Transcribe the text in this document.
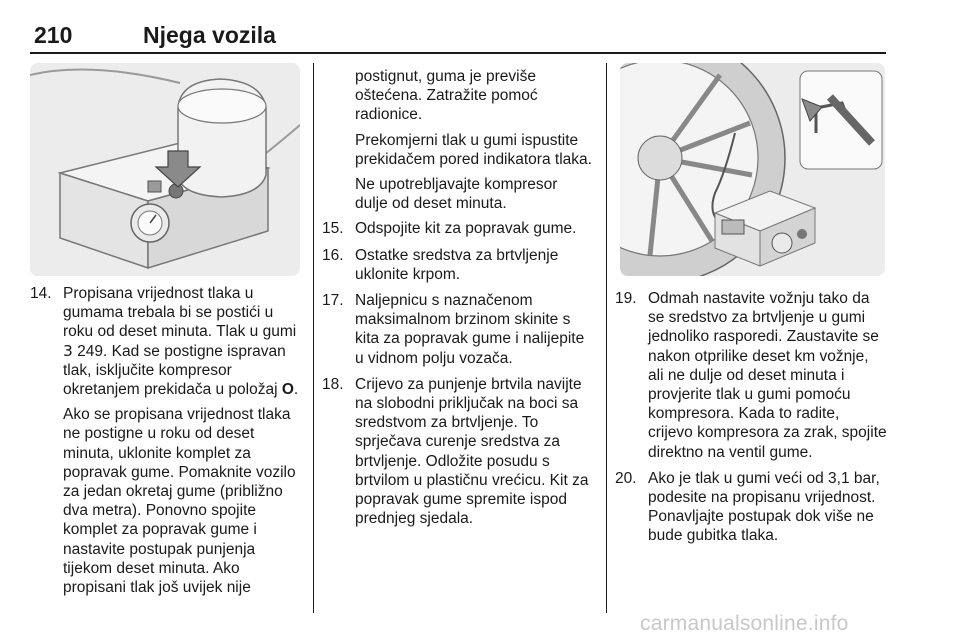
210	Njega vozila
14. Propisana vrijednost tlaka u gumama trebala bi se postići u roku od deset minuta. Tlak u gumi 3 249. Kad se postigne ispravan tlak, isključite kompresor okretanjem prekidača u položaj O.

Ako se propisana vrijednost tlaka ne postigne u roku od deset minuta, uklonite komplet za popravak gume. Pomaknite vozilo za jedan okretaj gume (približno dva metra). Ponovno spojite komplet za popravak gume i nastavite postupak punjenja tijekom deset minuta. Ako propisani tlak još uvijek nije

postignut, guma je previše oštećena. Zatražite pomoć radionice.

Prekomjerni tlak u gumi ispustite prekidačem pored indikatora tlaka.

Ne upotrebljavajte kompresor dulje od deset minuta.

15. Odspojite kit za popravak gume.

16. Ostatke sredstva za brtvljenje uklonite krpom.

17. Naljepnicu s naznačenom maksimalnom brzinom skinite s kita za popravak gume i nalijepite u vidnom polju vozača.

18. Crijevo za punjenje brtvila navijte na slobodni priključak na boci sa sredstvom za brtvljenje. To sprječava curenje sredstva za brtvljenje. Odložite posudu s brtvilom u plastičnu vrećicu. Kit za popravak gume spremite ispod prednjeg sjedala.

19. Odmah nastavite vožnju tako da se sredstvo za brtvljenje u gumi jednoliko rasporedi. Zaustavite se nakon otprilike deset km vožnje, ali ne dulje od deset minuta i provjerite tlak u gumi pomoću kompresora. Kada to radite, crijevo kompresora za zrak, spojite direktno na ventil gume.

20. Ako je tlak u gumi veći od 3,1 bar, podesite na propisanu vrijednost. Ponavljajte postupak dok više ne bude gubitka tlaka.

carmanualsonline.info
